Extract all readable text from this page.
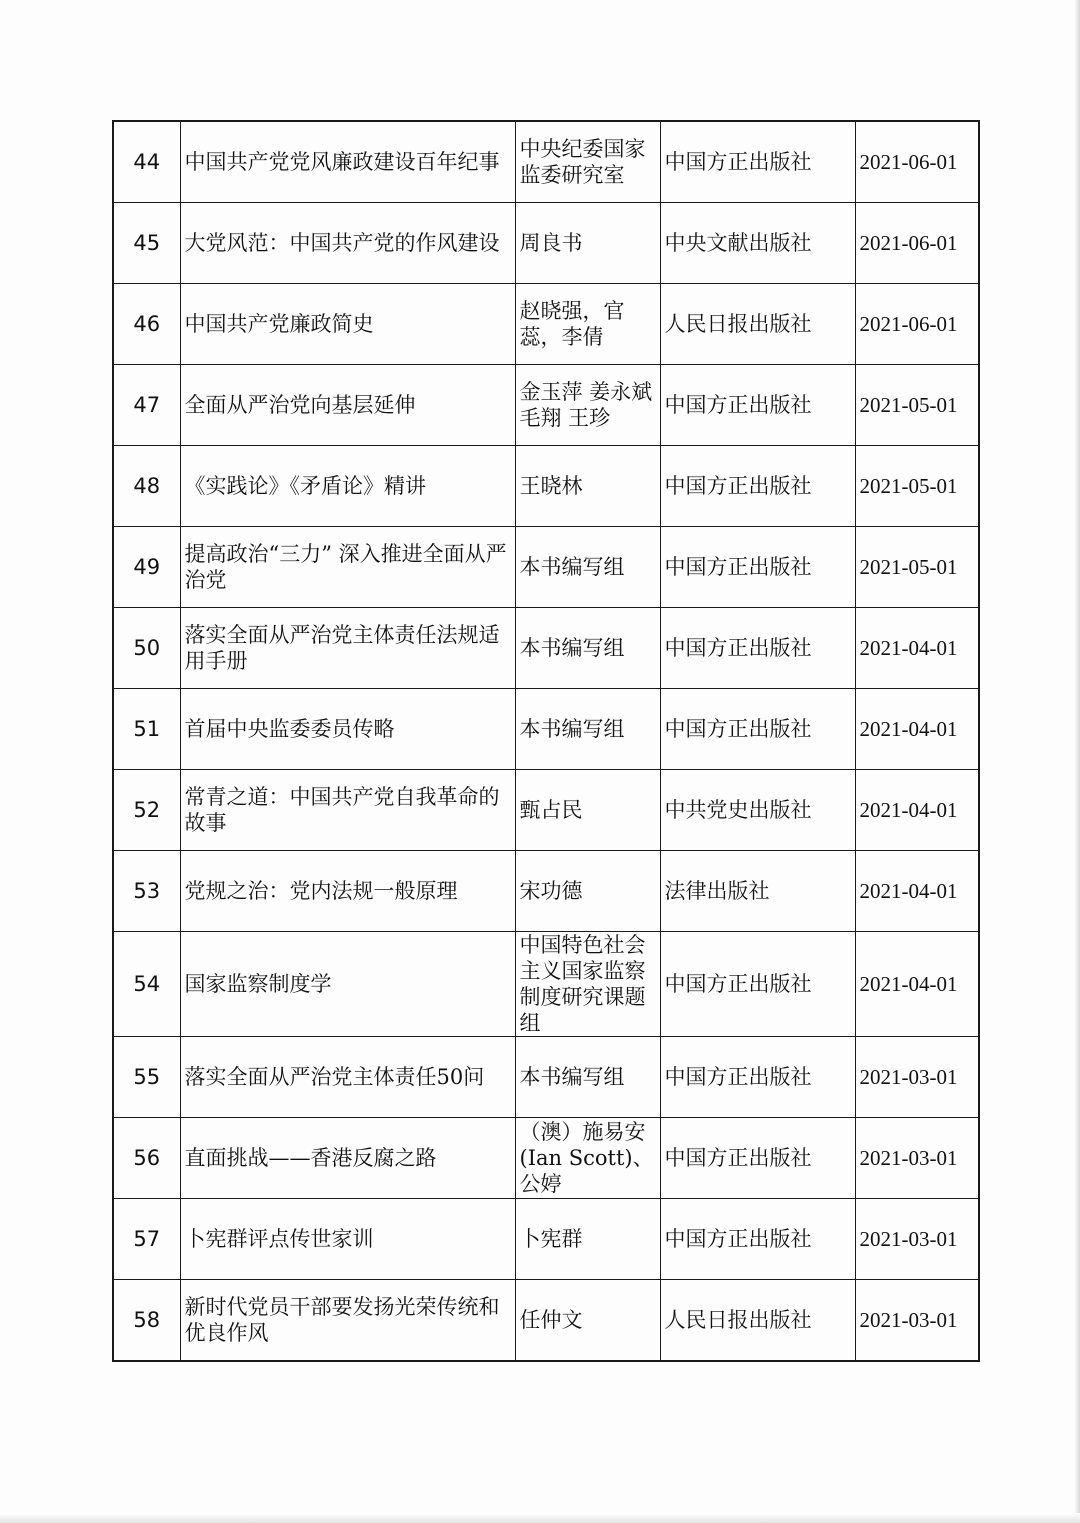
44	中国共产党党风廉政建设百年纪事	中央纪委国家监委研究室	中国方正出版社	2021-06-01
45	大党风范：中国共产党的作风建设	周良书	中央文献出版社	2021-06-01
46	中国共产党廉政简史	赵晓强，官蕊，李倩	人民日报出版社	2021-06-01
47	全面从严治党向基层延伸	金玉萍 姜永斌 毛翔 王珍	中国方正出版社	2021-05-01
48	《实践论》《矛盾论》精讲	王晓林	中国方正出版社	2021-05-01
49	提高政治“三力” 深入推进全面从严治党	本书编写组	中国方正出版社	2021-05-01
50	落实全面从严治党主体责任法规适用手册	本书编写组	中国方正出版社	2021-04-01
51	首届中央监委委员传略	本书编写组	中国方正出版社	2021-04-01
52	常青之道：中国共产党自我革命的故事	甄占民	中共党史出版社	2021-04-01
53	党规之治：党内法规一般原理	宋功德	法律出版社	2021-04-01
54	国家监察制度学	中国特色社会主义国家监察制度研究课题组	中国方正出版社	2021-04-01
55	落实全面从严治党主体责任50问	本书编写组	中国方正出版社	2021-03-01
56	直面挑战——香港反腐之路	（澳）施易安(Ian Scott)、公婷	中国方正出版社	2021-03-01
57	卜宪群评点传世家训	卜宪群	中国方正出版社	2021-03-01
58	新时代党员干部要发扬光荣传统和优良作风	任仲文	人民日报出版社	2021-03-01
